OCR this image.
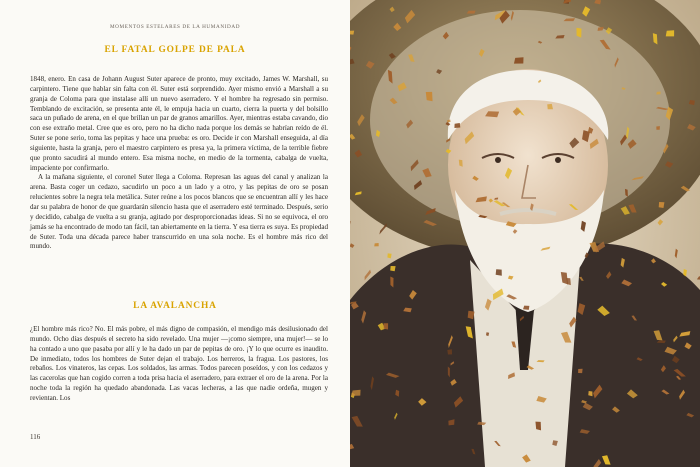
MOMENTOS ESTELARES DE LA HUMANIDAD
EL FATAL GOLPE DE PALA

1848, enero. En casa de Johann August Suter aparece de pronto, muy excitado, James W. Marshall, su carpintero. Tiene que hablar sin falta con él. Suter está sorprendido. Ayer mismo envió a Marshall a su granja de Coloma para que instalase allí un nuevo aserradero. Y el hombre ha regresado sin permiso. Temblando de excitación, se presenta ante él, le empuja hacia un cuarto, cierra la puerta y del bolsillo saca un puñado de arena, en el que brillan un par de granos amarillos. Ayer, mientras estaba cavando, dio con ese extraño metal. Cree que es oro, pero no ha dicho nada porque los demás se habrían reído de él. Suter se pone serio, toma las pepitas y hace una prueba: es oro. Decide ir con Marshall enseguida, al día siguiente, hasta la granja, pero el maestro carpintero es presa ya, la primera víctima, de la terrible fiebre que pronto sacudirá al mundo entero. Esa misma noche, en medio de la tormenta, cabalga de vuelta, impaciente por confirmarlo.

A la mañana siguiente, el coronel Suter llega a Coloma. Represan las aguas del canal y analizan la arena. Basta coger un cedazo, sacudirlo un poco a un lado y a otro, y las pepitas de oro se posan relucientes sobre la negra tela metálica. Suter reúne a los pocos blancos que se encuentran allí y les hace dar su palabra de honor de que guardarán silencio hasta que el aserradero esté terminado. Después, serio y decidido, cabalga de vuelta a su granja, agitado por desproporcionadas ideas. Si no se equivoca, el oro jamás se ha encontrado de modo tan fácil, tan abiertamente en la tierra. Y esa tierra es suya. Es propiedad de Suter. Toda una década parece haber transcurrido en una sola noche. Es el hombre más rico del mundo.

LA AVALANCHA

¿El hombre más rico? No. El más pobre, el más digno de compasión, el mendigo más desilusionado del mundo. Ocho días después el secreto ha sido revelado. Una mujer —¡como siempre, una mujer!— se lo ha contado a uno que pasaba por allí y le ha dado un par de pepitas de oro. ¡Y lo que ocurre es inaudito. De inmediato, todos los hombres de Suter dejan el trabajo. Los herreros, la fragua. Los pastores, los rebaños. Los vinateros, las cepas. Los soldados, las armas. Todos parecen poseídos, y con los cedazos y las cacerolas que han cogido corren a toda prisa hacia el aserradero, para extraer el oro de la arena. Por la noche toda la región ha quedado abandonada. Las vacas lecheras, a las que nadie ordeña, mugen y revientan. Los

116
